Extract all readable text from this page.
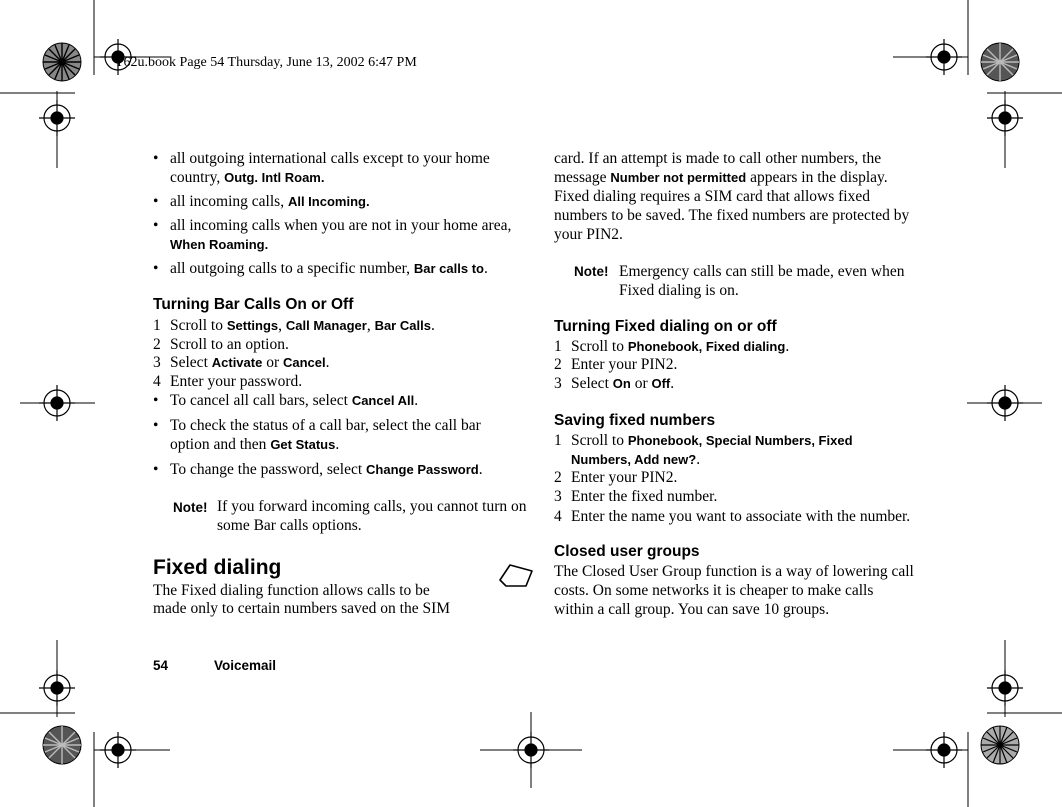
T62u.book Page 54 Thursday, June 13, 2002 6:47 PM
• all outgoing international calls except to your home country, Outg. Intl Roam.
• all incoming calls, All Incoming.
• all incoming calls when you are not in your home area, When Roaming.
• all outgoing calls to a specific number, Bar calls to.
Turning Bar Calls On or Off
1 Scroll to Settings, Call Manager, Bar Calls.
2 Scroll to an option.
3 Select Activate or Cancel.
4 Enter your password.
• To cancel all call bars, select Cancel All.
• To check the status of a call bar, select the call bar option and then Get Status.
• To change the password, select Change Password.
Note! If you forward incoming calls, you cannot turn on some Bar calls options.
Fixed dialing
The Fixed dialing function allows calls to be
made only to certain numbers saved on the SIM
card. If an attempt is made to call other numbers, the
message Number not permitted appears in the display.
Fixed dialing requires a SIM card that allows fixed
numbers to be saved. The fixed numbers are protected by
your PIN2.
Note! Emergency calls can still be made, even when
Fixed dialing is on.
Turning Fixed dialing on or off
1 Scroll to Phonebook, Fixed dialing.
2 Enter your PIN2.
3 Select On or Off.
Saving fixed numbers
1 Scroll to Phonebook, Special Numbers, Fixed
Numbers, Add new?.
2 Enter your PIN2.
3 Enter the fixed number.
4 Enter the name you want to associate with the number.
Closed user groups
The Closed User Group function is a way of lowering call
costs. On some networks it is cheaper to make calls
within a call group. You can save 10 groups.
54	Voicemail
